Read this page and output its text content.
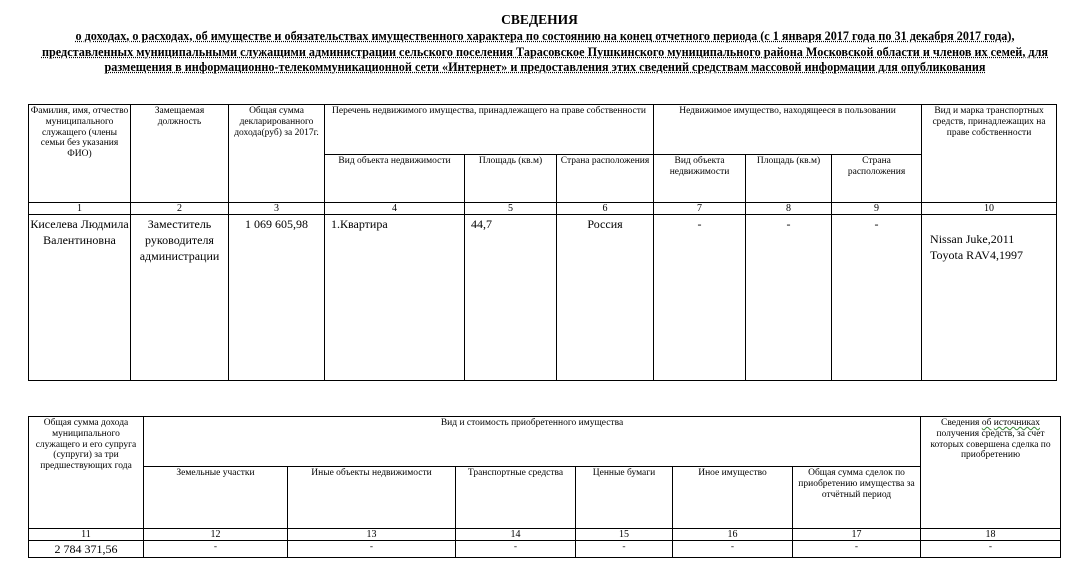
СВЕДЕНИЯ
о доходах, о расходах, об имуществе и обязательствах имущественного характера по состоянию на конец отчетного периода (с 1 января 2017 года по 31 декабря 2017 года), представленных муниципальными служащими администрации сельского поселения Тарасовское Пушкинского муниципального района Московской области и членов их семей, для размещения в информационно-телекоммуникационной сети «Интернет» и предоставления этих сведений средствам массовой информации для опубликования
Фамилия, имя, отчество муниципального служащего (члены семьи без указания ФИО)	Замещаемая должность	Общая сумма декларированного дохода(руб) за 2017г.	Перечень недвижимого имущества, принадлежащего на праве собственности			Недвижимое имущество, находящееся в пользовании			Вид и марка транспортных средств, принадлежащих на праве собственности
			Вид объекта недвижимости	Площадь (кв.м)	Страна расположения	Вид объекта недвижимости	Площадь (кв.м)	Страна расположения	
1	2	3	4	5	6	7	8	9	10
Киселева Людмила Валентиновна	Заместитель руководителя администрации	1 069 605,98	1.Квартира	44,7	Россия	-	-	-	Nissan Juke,2011
Toyota RAV4,1997
Общая сумма дохода муниципального служащего и его супруга (супруги) за три предшествующих года	Вид и стоимость приобретенного имущества						Сведения об источниках получения средств, за счет которых совершена сделка по приобретению
	Земельные участки	Иные объекты недвижимости	Транспортные средства	Ценные бумаги	Иное имущество	Общая сумма сделок по приобретению имущества за отчётный период	
11	12	13	14	15	16	17	18
2 784 371,56	-	-	-	-	-	-	-
